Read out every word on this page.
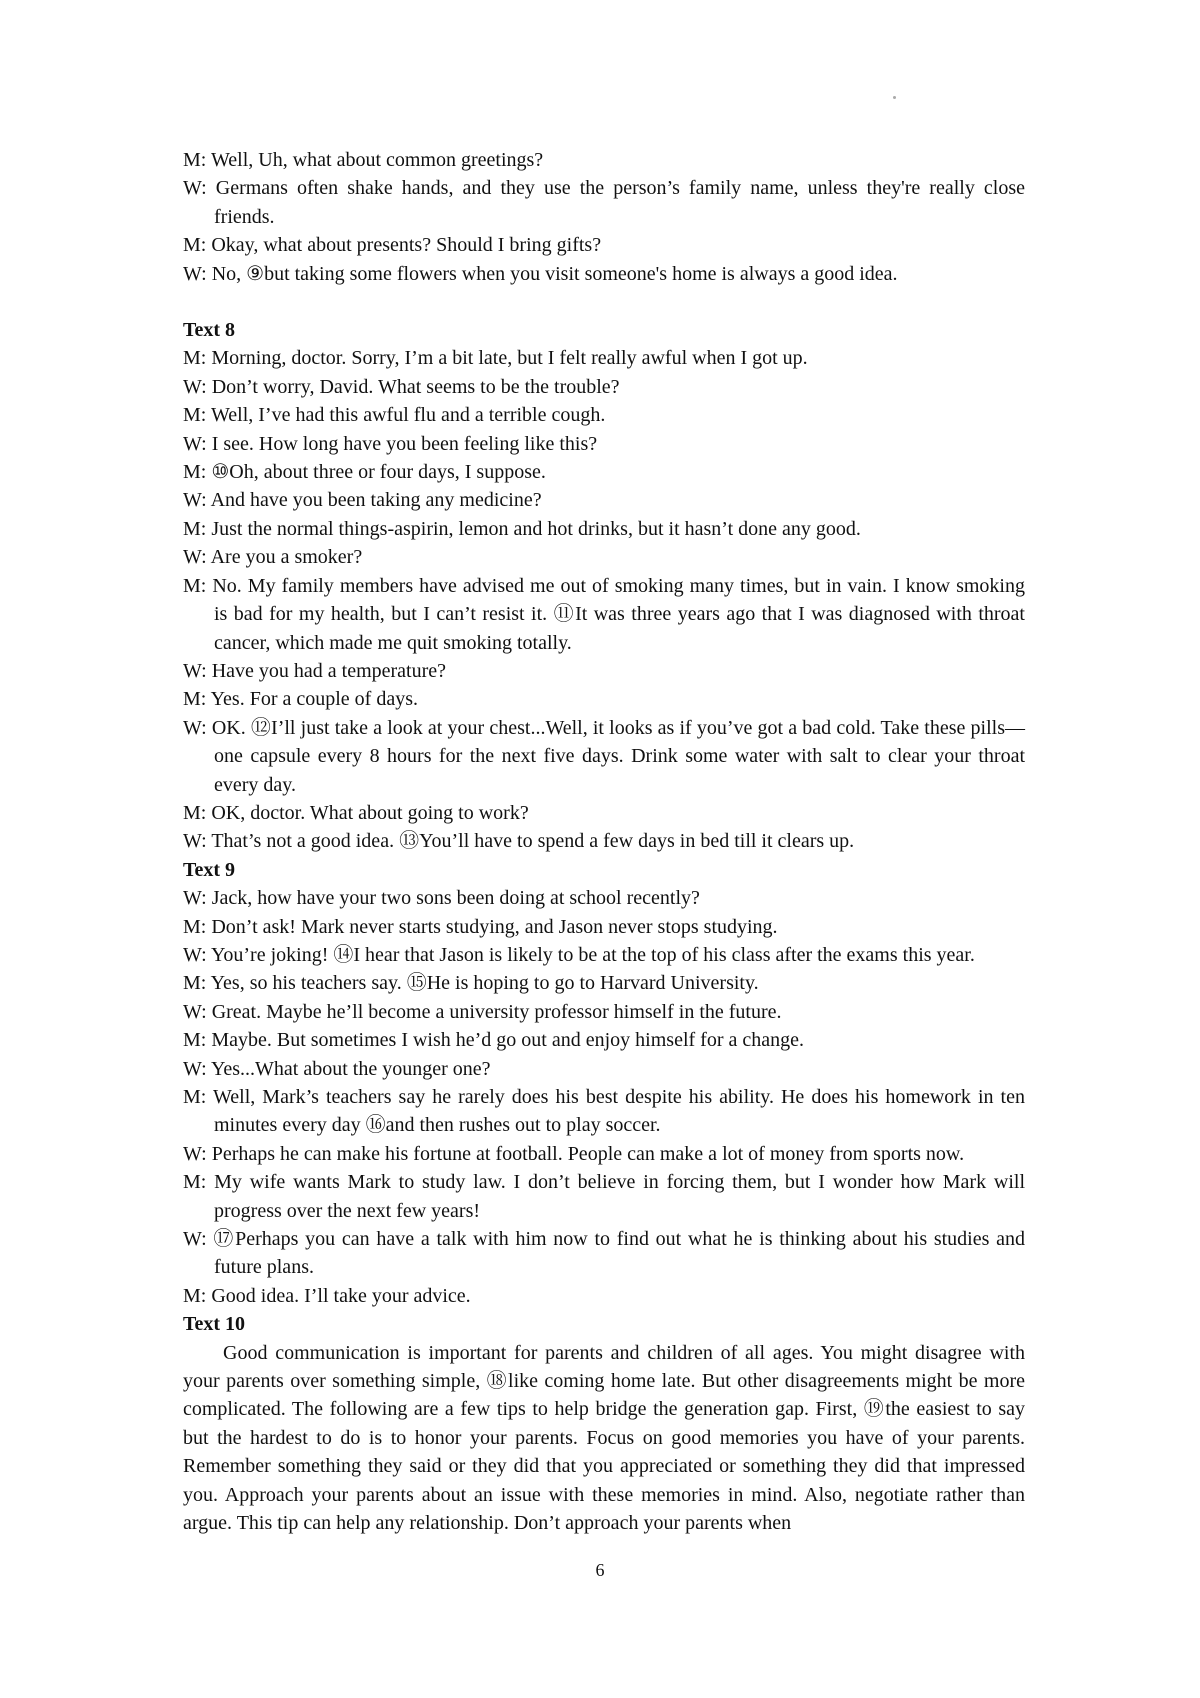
M: Well, Uh, what about common greetings?
W: Germans often shake hands, and they use the person’s family name, unless they're really close friends.
M: Okay, what about presents? Should I bring gifts?
W: No, ⑨but taking some flowers when you visit someone's home is always a good idea.
Text 8
M: Morning, doctor. Sorry, I’m a bit late, but I felt really awful when I got up.
W: Don’t worry, David. What seems to be the trouble?
M: Well, I’ve had this awful flu and a terrible cough.
W: I see. How long have you been feeling like this?
M: ⑩Oh, about three or four days, I suppose.
W: And have you been taking any medicine?
M: Just the normal things-aspirin, lemon and hot drinks, but it hasn’t done any good.
W: Are you a smoker?
M: No. My family members have advised me out of smoking many times, but in vain. I know smoking is bad for my health, but I can’t resist it. ⑪It was three years ago that I was diagnosed with throat cancer, which made me quit smoking totally.
W: Have you had a temperature?
M: Yes. For a couple of days.
W: OK. ⑫I’ll just take a look at your chest...Well, it looks as if you’ve got a bad cold. Take these pills—one capsule every 8 hours for the next five days. Drink some water with salt to clear your throat every day.
M: OK, doctor. What about going to work?
W: That’s not a good idea. ⑬You’ll have to spend a few days in bed till it clears up.
Text 9
W: Jack, how have your two sons been doing at school recently?
M: Don’t ask! Mark never starts studying, and Jason never stops studying.
W: You’re joking! ⑭I hear that Jason is likely to be at the top of his class after the exams this year.
M: Yes, so his teachers say. ⑮He is hoping to go to Harvard University.
W: Great. Maybe he’ll become a university professor himself in the future.
M: Maybe. But sometimes I wish he’d go out and enjoy himself for a change.
W: Yes...What about the younger one?
M: Well, Mark’s teachers say he rarely does his best despite his ability. He does his homework in ten minutes every day ⑯and then rushes out to play soccer.
W: Perhaps he can make his fortune at football. People can make a lot of money from sports now.
M: My wife wants Mark to study law. I don’t believe in forcing them, but I wonder how Mark will progress over the next few years!
W: ⑰Perhaps you can have a talk with him now to find out what he is thinking about his studies and future plans.
M: Good idea. I’ll take your advice.
Text 10
Good communication is important for parents and children of all ages. You might disagree with your parents over something simple, ⑱like coming home late. But other disagreements might be more complicated. The following are a few tips to help bridge the generation gap. First, ⑲the easiest to say but the hardest to do is to honor your parents. Focus on good memories you have of your parents. Remember something they said or they did that you appreciated or something they did that impressed you. Approach your parents about an issue with these memories in mind. Also, negotiate rather than argue. This tip can help any relationship. Don’t approach your parents when
6
